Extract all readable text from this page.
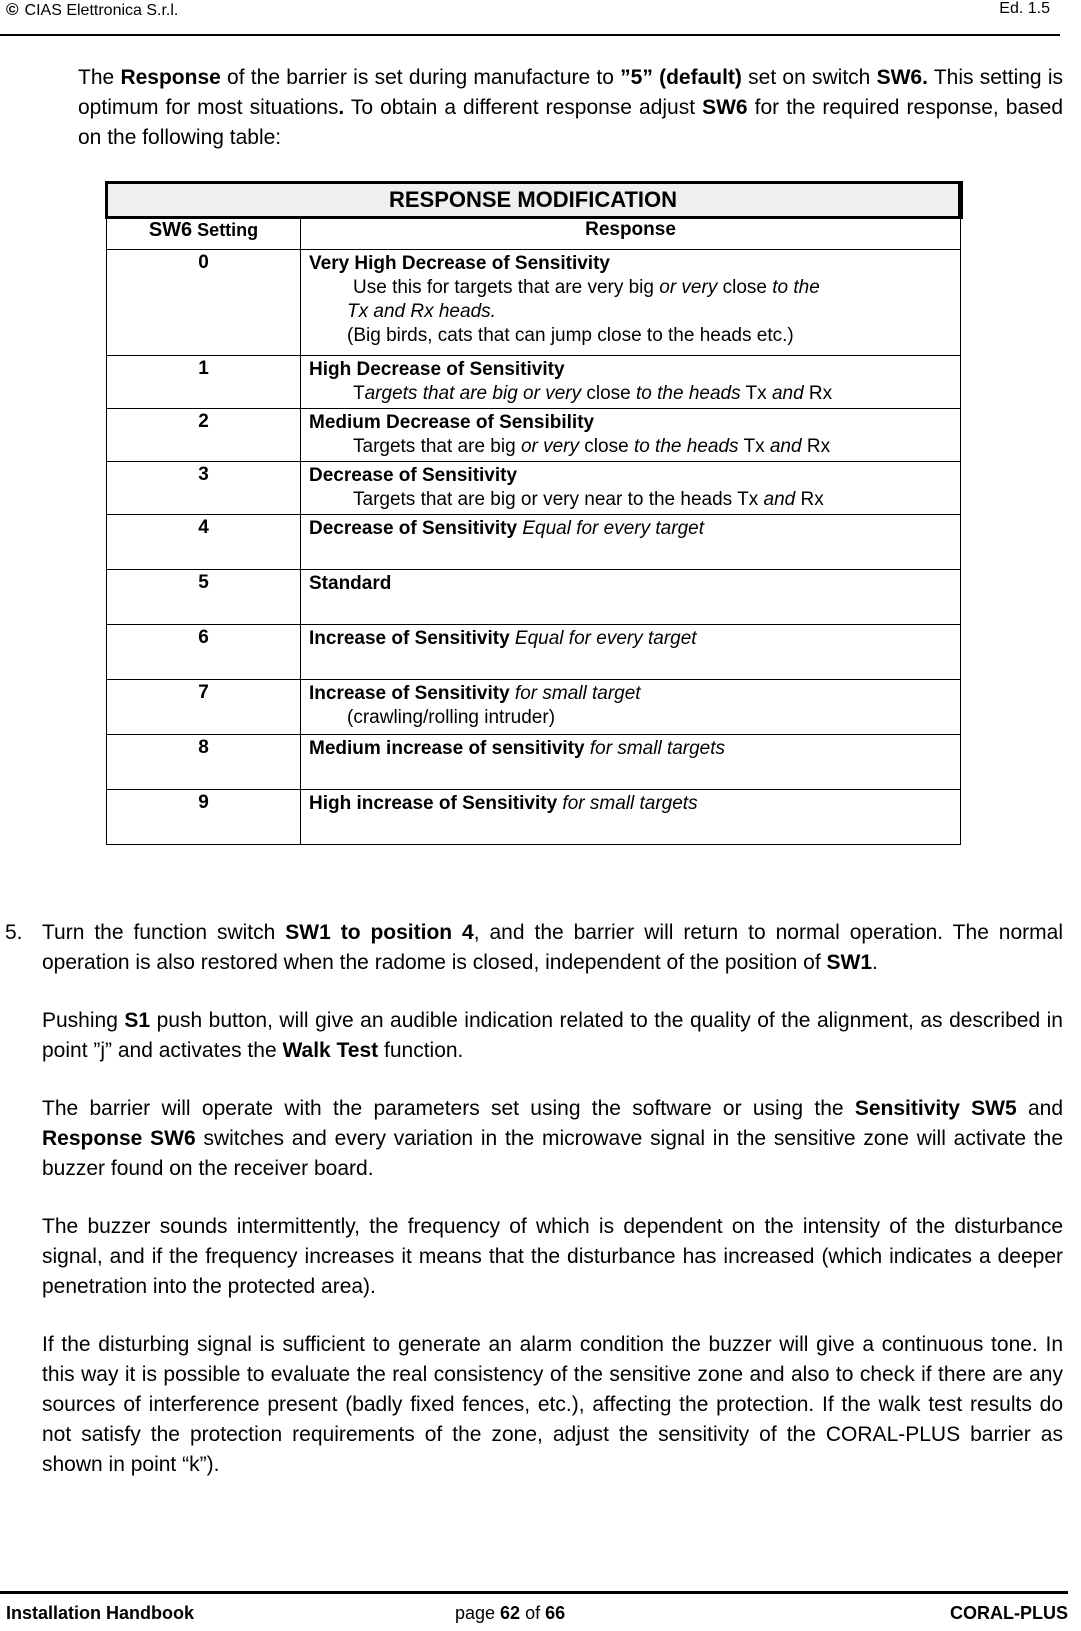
© CIAS Elettronica S.r.l.	Ed. 1.5

The Response of the barrier is set during manufacture to ”5” (default) set on switch SW6. This setting is optimum for most situations. To obtain a different response adjust SW6 for the required response, based on the following table:

RESPONSE MODIFICATION	
SW6 Setting	Response
0	Very High Decrease of Sensitivity
Use this for targets that are very big or very close to the
Tx and Rx heads.
(Big birds, cats that can jump close to the heads etc.)

1	High Decrease of Sensitivity
Targets that are big or very close to the heads Tx and Rx

2	Medium Decrease of Sensibility
Targets that are big or very close to the heads Tx and Rx

3	Decrease of Sensitivity
Targets that are big or very near to the heads Tx and Rx

4	Decrease of Sensitivity Equal for every target
5	Standard
6	Increase of Sensitivity Equal for every target
7	Increase of Sensitivity for small target
(crawling/rolling intruder)

8	Medium increase of sensitivity for small targets
9	High increase of Sensitivity for small targets
5. Turn the function switch SW1 to position 4, and the barrier will return to normal operation. The normal operation is also restored when the radome is closed, independent of the position of SW1.

Pushing S1 push button, will give an audible indication related to the quality of the alignment, as described in point ”j” and activates the Walk Test function.

The barrier will operate with the parameters set using the software or using the Sensitivity SW5 and Response SW6 switches and every variation in the microwave signal in the sensitive zone will activate the buzzer found on the receiver board.

The buzzer sounds intermittently, the frequency of which is dependent on the intensity of the disturbance signal, and if the frequency increases it means that the disturbance has increased (which indicates a deeper penetration into the protected area).

If the disturbing signal is sufficient to generate an alarm condition the buzzer will give a continuous tone. In this way it is possible to evaluate the real consistency of the sensitive zone and also to check if there are any sources of interference present (badly fixed fences, etc.), affecting the protection. If the walk test results do not satisfy the protection requirements of the zone, adjust the sensitivity of the CORAL-PLUS barrier as shown in point “k”).

Installation Handbook	page 62 of 66	CORAL-PLUS
